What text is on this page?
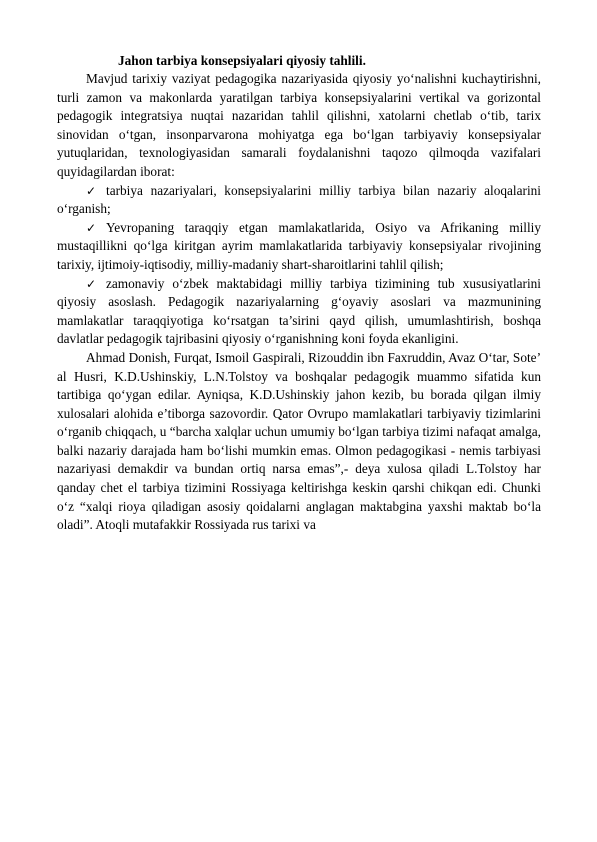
Jahon tarbiya konsepsiyalari qiyosiy tahlili.

Mavjud tarixiy vaziyat pedagogika nazariyasida qiyosiy yo‘nalishni kuchaytirishni, turli zamon va makonlarda yaratilgan tarbiya konsepsiyalarini vertikal va gorizontal pedagogik integratsiya nuqtai nazaridan tahlil qilishni, xatolarni chetlab o‘tib, tarix sinovidan o‘tgan, insonparvarona mohiyatga ega bo‘lgan tarbiyaviy konsepsiyalar yutuqlaridan, texnologiyasidan samarali foydalanishni taqozo qilmoqda vazifalari quyidagilardan iborat:

✓ tarbiya nazariyalari, konsepsiyalarini milliy tarbiya bilan nazariy aloqalarini o‘rganish;

✓ Yevropaning taraqqiy etgan mamlakatlarida, Osiyo va Afrikaning milliy mustaqillikni qo‘lga kiritgan ayrim mamlakatlarida tarbiyaviy konsepsiyalar rivojining tarixiy, ijtimoiy-iqtisodiy, milliy-madaniy shart-sharoitlarini tahlil qilish;

✓ zamonaviy o‘zbek maktabidagi milliy tarbiya tizimining tub xususiyatlarini qiyosiy asoslash. Pedagogik nazariyalarning g‘oyaviy asoslari va mazmunining mamlakatlar taraqqiyotiga ko‘rsatgan ta’sirini qayd qilish, umumlashtirish, boshqa davlatlar pedagogik tajribasini qiyosiy o‘rganishning koni foyda ekanligini.

Ahmad Donish, Furqat, Ismoil Gaspirali, Rizouddin ibn Faxruddin, Avaz O‘tar, Sote’ al Husri, K.D.Ushinskiy, L.N.Tolstoy va boshqalar pedagogik muammo sifatida kun tartibiga qo‘ygan edilar. Ayniqsa, K.D.Ushinskiy jahon kezib, bu borada qilgan ilmiy xulosalari alohida e’tiborga sazovordir. Qator Ovrupo mamlakatlari tarbiyaviy tizimlarini o‘rganib chiqqach, u “barcha xalqlar uchun umumiy bo‘lgan tarbiya tizimi nafaqat amalga, balki nazariy darajada ham bo‘lishi mumkin emas. Olmon pedagogikasi - nemis tarbiyasi nazariyasi demakdir va bundan ortiq narsa emas”,- deya xulosa qiladi L.Tolstoy har qanday chet el tarbiya tizimini Rossiyaga keltirishga keskin qarshi chikqan edi. Chunki o‘z “xalqi rioya qiladigan asosiy qoidalarni anglagan maktabgina yaxshi maktab bo‘la oladi”. Atoqli mutafakkir Rossiyada rus tarixi va
